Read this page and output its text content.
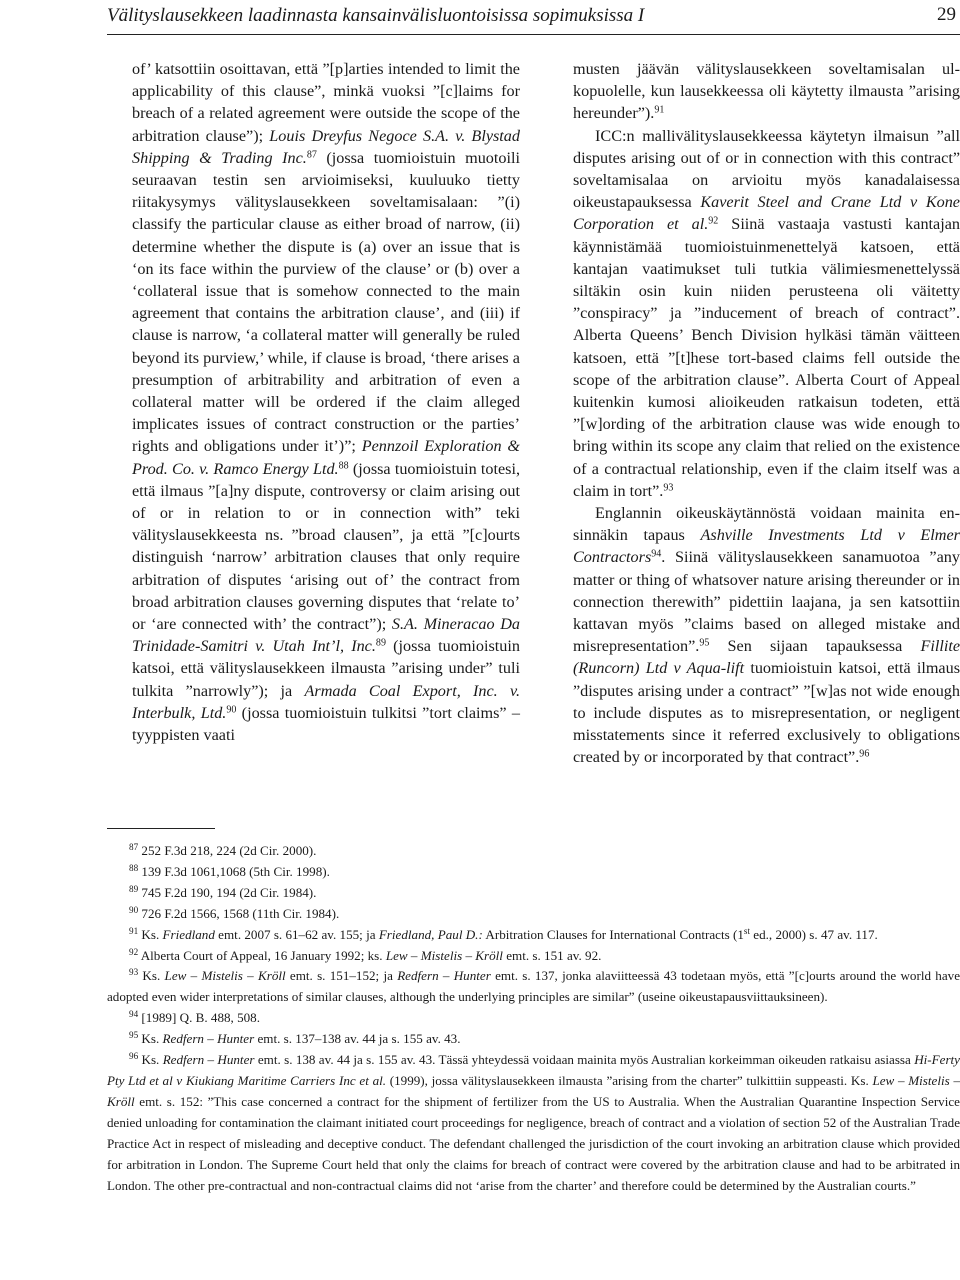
Välityslausekkeen laadinnasta kansainvälisluontoisissa sopimuksissa I	29

of’ katsottiin osoittavan, että ”[p]arties intended to limit the applicability of this clause”, minkä vuoksi ”[c]laims for breach of a related agreement were outside the scope of the arbitration clause”); Louis Dreyfus Negoce S.A. v. Blystad Shipping & Trading Inc.$^{87}$ (jossa tuomioistuin muotoili seuraavan testin sen arvioimiseksi, kuuluuko tietty riitakysymys välityslausekkeen soveltamisalaan: ”(i) classify the particular clause as either broad of narrow, (ii) determine whether the dispute is (a) over an issue that is ‘on its face within the purview of the clause’ or (b) over a ‘collateral issue that is somehow connected to the main agreement that contains the arbitration clause’, and (iii) if clause is narrow, ‘a collateral matter will generally be ruled beyond its purview,’ while, if clause is broad, ‘there arises a presumption of arbitrability and arbitration of even a collateral matter will be ordered if the claim alleged implicates issues of contract construction or the parties’ rights and obligations under it’)”; Pennzoil Exploration & Prod. Co. v. Ramco Energy Ltd.$^{88}$ (jossa tuomioistuin totesi, että ilmaus ”[a]ny dispute, controversy or claim arising out of or in relation to or in connection with” teki välityslausekkeesta ns. ”broad clausen”, ja että ”[c]ourts distinguish ‘narrow’ arbitration clauses that only require arbitration of disputes ‘arising out of’ the contract from broad arbitration clauses governing disputes that ‘relate to’ or ‘are connected with’ the contract”); S.A. Mineracao Da Trinidade-Samitri v. Utah Int’l, Inc.$^{89}$ (jossa tuomioistuin katsoi, että välityslausekkeen ilmausta ”arising under” tuli tulkita ”narrowly”); ja Armada Coal Export, Inc. v. Interbulk, Ltd.$^{90}$ (jossa tuomioistuin tulkitsi ”tort claims” –tyyppisten vaati

musten jäävän välityslausekkeen soveltamisalan ulkopuolelle, kun lausekkeessa oli käytetty ilmausta ”arising hereunder”).$^{91}$

ICC:n mallivälityslausekkeessa käytetyn ilmaisun ”all disputes arising out of or in connection with this contract” soveltamisalaa on arvioitu myös kanadalaisessa oikeustapauksessa Kaverit Steel and Crane Ltd v Kone Corporation et al.$^{92}$ Siinä vastaaja vastusti kantajan käynnistämää tuomioistuinmenettelyä katsoen, että kantajan vaatimukset tuli tutkia välimiesmenettelyssä siltäkin osin kuin niiden perusteena oli väitetty ”conspiracy” ja ”inducement of breach of contract”. Alberta Queens’ Bench Division hylkäsi tämän väitteen katsoen, että ”[t]hese tort-based claims fell outside the scope of the arbitration clause”. Alberta Court of Appeal kuitenkin kumosi alioikeuden ratkaisun todeten, että ”[w]ording of the arbitration clause was wide enough to bring within its scope any claim that relied on the existence of a contractual relationship, even if the claim itself was a claim in tort”.$^{93}$

Englannin oikeuskäytännöstä voidaan mainita ensinnäkin tapaus Ashville Investments Ltd v Elmer Contractors$^{94}$. Siinä välityslausekkeen sanamuotoa ”any matter or thing of whatsover nature arising thereunder or in connection therewith” pidettiin laajana, ja sen katsottiin kattavan myös ”claims based on alleged mistake and misrepresentation”.$^{95}$ Sen sijaan tapauksessa Fillite (Runcorn) Ltd v Aqua-lift tuomioistuin katsoi, että ilmaus ”disputes arising under a contract” ”[w]as not wide enough to include disputes as to misrepresentation, or negligent misstatements since it referred exclusively to obligations created by or incorporated by that contract”.$^{96}$

$^{87}$ 252 F.3d 218, 224 (2d Cir. 2000).

$^{88}$ 139 F.3d 1061,1068 (5th Cir. 1998).

$^{89}$ 745 F.2d 190, 194 (2d Cir. 1984).

$^{90}$ 726 F.2d 1566, 1568 (11th Cir. 1984).

$^{91}$ Ks. Friedland emt. 2007 s. 61–62 av. 155; ja Friedland, Paul D.: Arbitration Clauses for International Contracts (1st ed., 2000) s. 47 av. 117.

$^{92}$ Alberta Court of Appeal, 16 January 1992; ks. Lew – Mistelis – Kröll emt. s. 151 av. 92.

$^{93}$ Ks. Lew – Mistelis – Kröll emt. s. 151–152; ja Redfern – Hunter emt. s. 137, jonka alaviitteessä 43 todetaan myös, että ”[c]ourts around the world have adopted even wider interpretations of similar clauses, although the underlying principles are similar” (useine oikeustapausviittauksineen).

$^{94}$ [1989] Q. B. 488, 508.

$^{95}$ Ks. Redfern – Hunter emt. s. 137–138 av. 44 ja s. 155 av. 43.

$^{96}$ Ks. Redfern – Hunter emt. s. 138 av. 44 ja s. 155 av. 43. Tässä yhteydessä voidaan mainita myös Australian korkeimman oikeuden ratkaisu asiassa Hi-Ferty Pty Ltd et al v Kiukiang Maritime Carriers Inc et al. (1999), jossa välityslausekkeen ilmausta ”arising from the charter” tulkittiin suppeasti. Ks. Lew – Mistelis – Kröll emt. s. 152: ”This case concerned a contract for the shipment of fertilizer from the US to Australia. When the Australian Quarantine Inspection Service denied unloading for contamination the claimant initiated court proceedings for negligence, breach of contract and a violation of section 52 of the Australian Trade Practice Act in respect of misleading and deceptive conduct. The defendant challenged the jurisdiction of the court invoking an arbitration clause which provided for arbitration in London. The Supreme Court held that only the claims for breach of contract were covered by the arbitration clause and had to be arbitrated in London. The other pre-contractual and non-contractual claims did not ‘arise from the charter’ and therefore could be determined by the Australian courts.”
